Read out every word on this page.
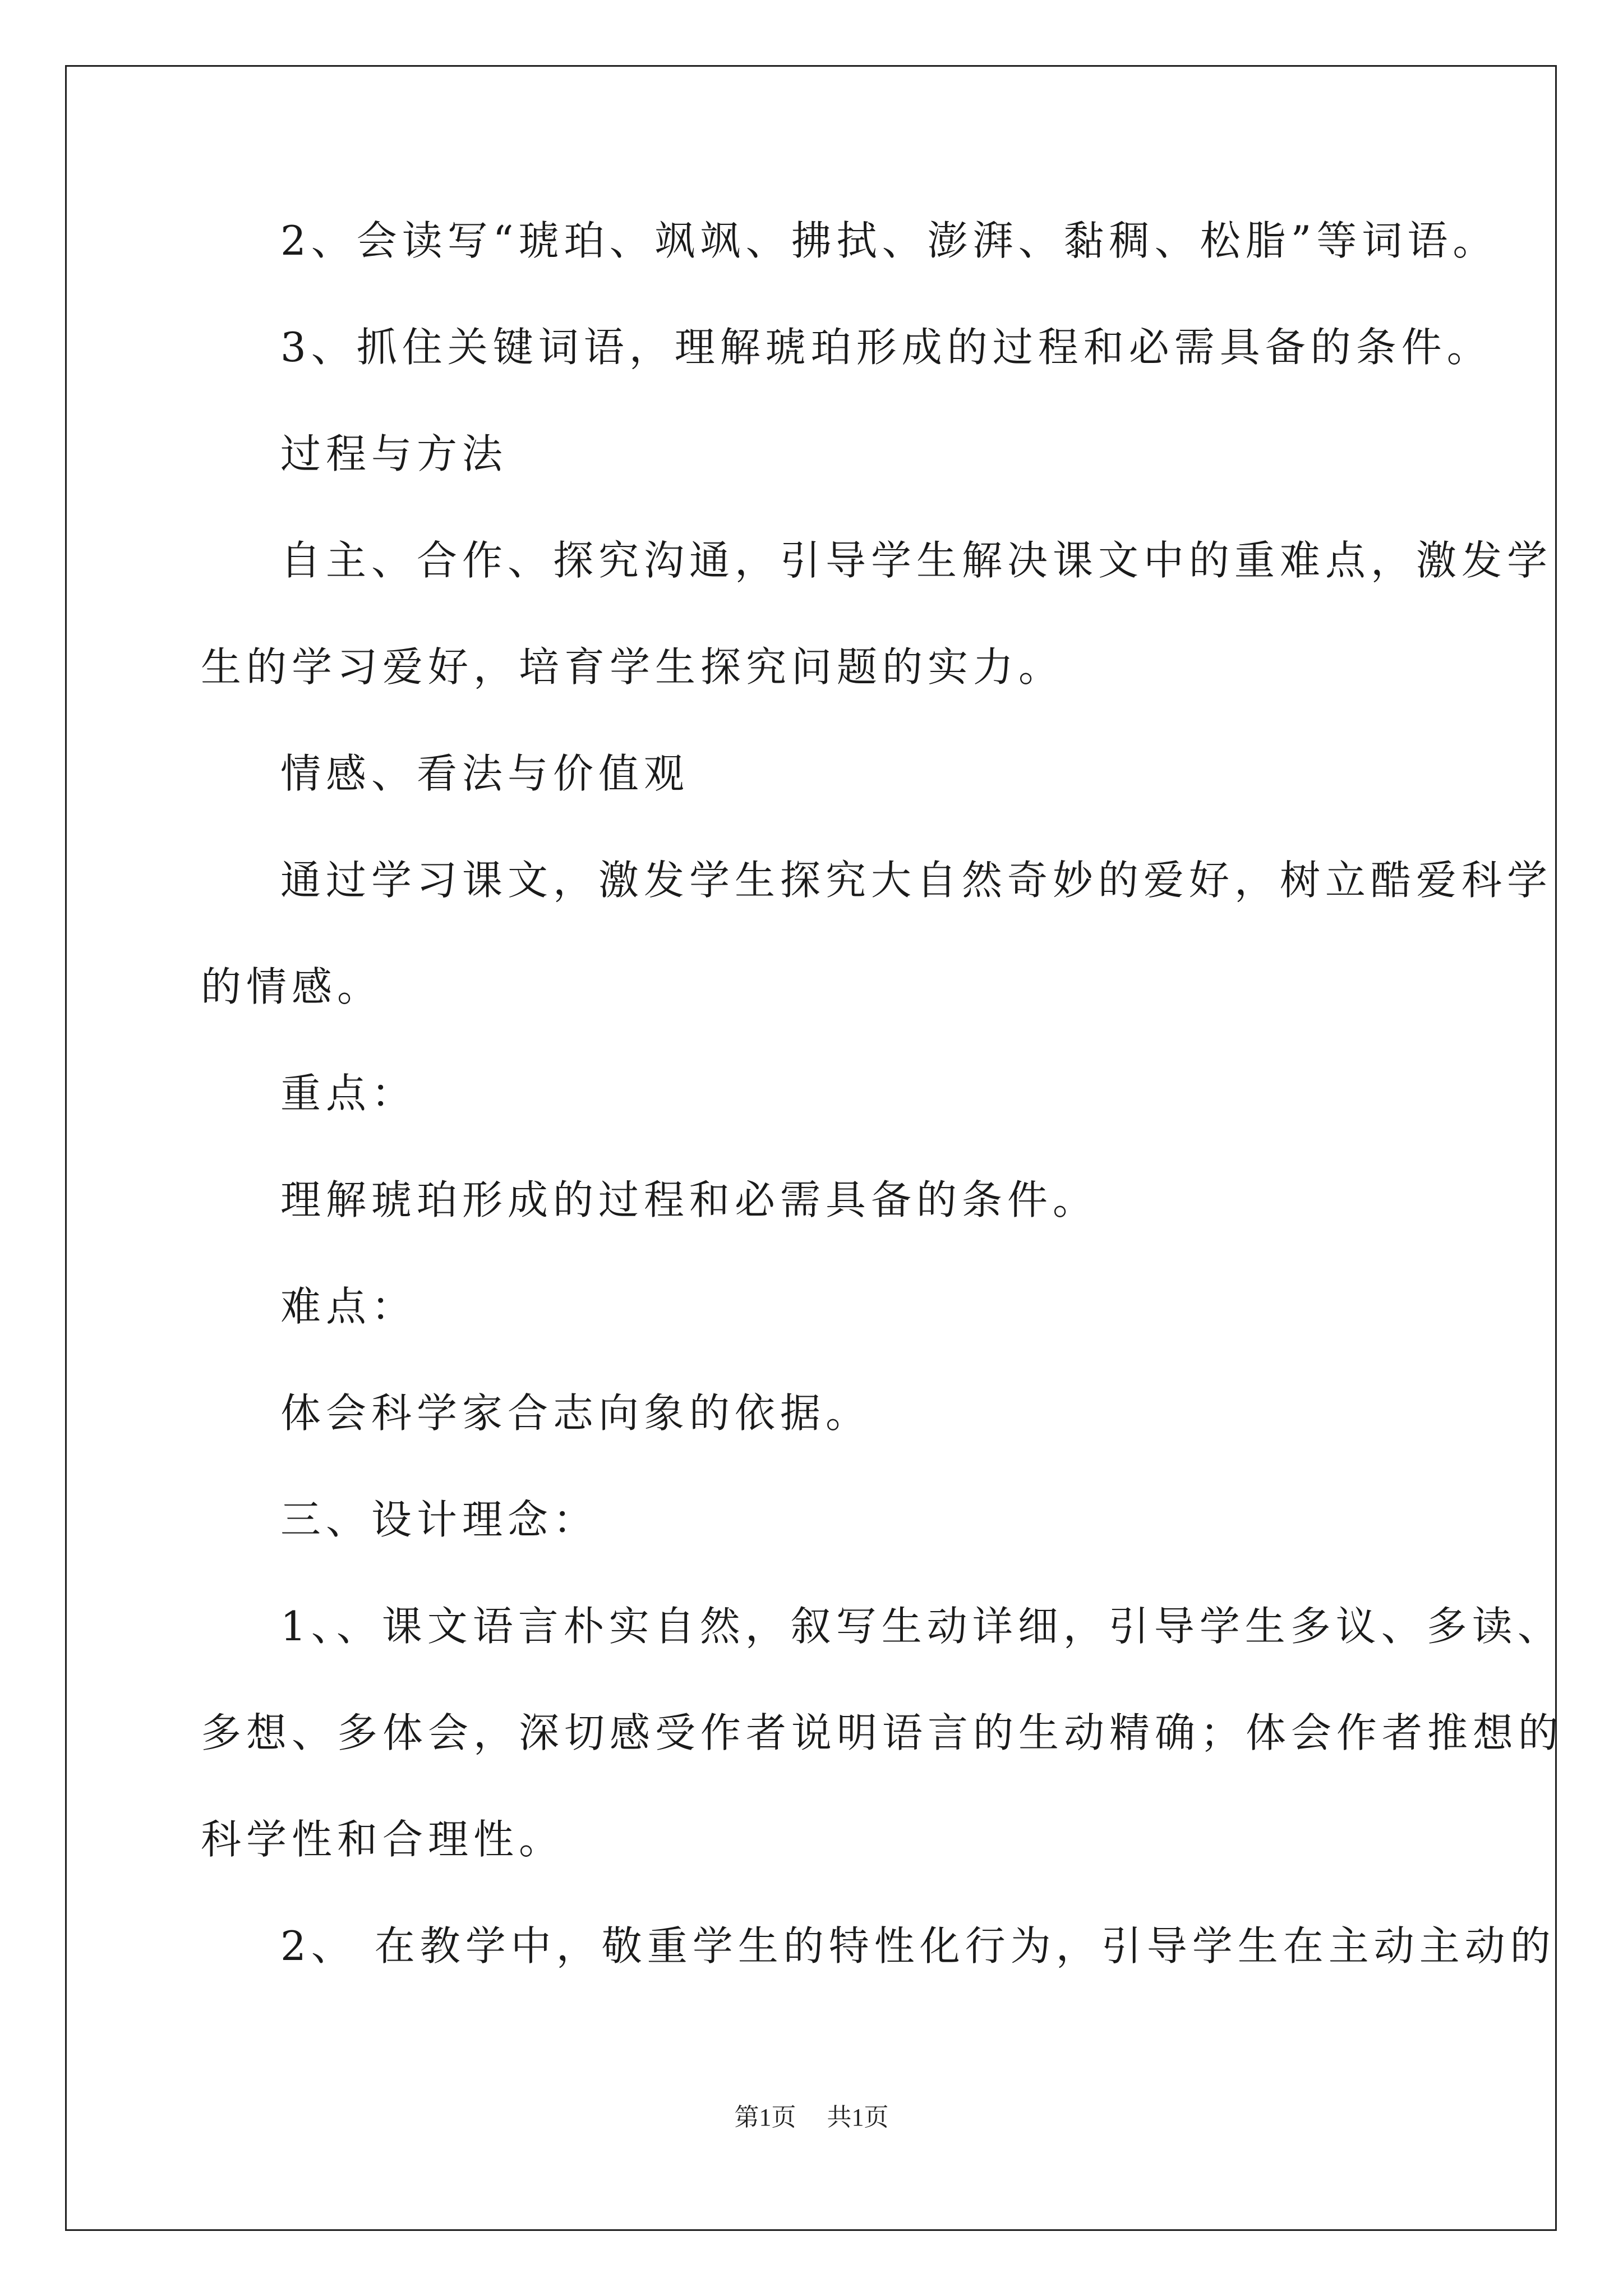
2、会读写“琥珀、飒飒、拂拭、澎湃、黏稠、松脂”等词语。
3、抓住关键词语，理解琥珀形成的过程和必需具备的条件。
过程与方法
自主、合作、探究沟通，引导学生解决课文中的重难点，激发学
生的学习爱好，培育学生探究问题的实力。
情感、看法与价值观
通过学习课文，激发学生探究大自然奇妙的爱好，树立酷爱科学
的情感。
重点：
理解琥珀形成的过程和必需具备的条件。
难点：
体会科学家合志向象的依据。
三、设计理念：
1、、课文语言朴实自然，叙写生动详细，引导学生多议、多读、
多想、多体会，深切感受作者说明语言的生动精确；体会作者推想的
科学性和合理性。
2、 在教学中，敬重学生的特性化行为，引导学生在主动主动的
第1页 共1页
